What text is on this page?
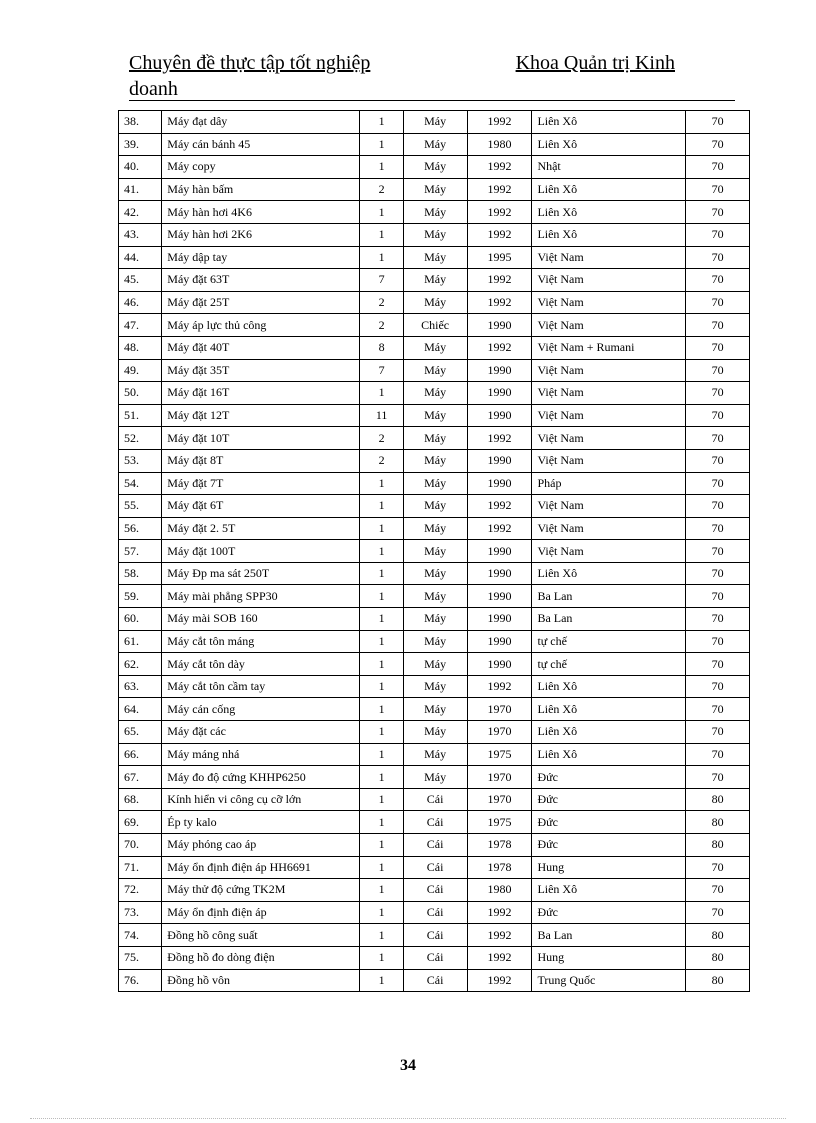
Chuyên đề thực tập tốt nghiệp	Khoa Quản trị Kinh
doanh
38.	Máy đạt dây	1	Máy	1992	Liên Xô	70
39.	Máy cán bánh 45	1	Máy	1980	Liên Xô	70
40.	Máy copy	1	Máy	1992	Nhật	70
41.	Máy hàn bấm	2	Máy	1992	Liên Xô	70
42.	Máy hàn hơi 4K6	1	Máy	1992	Liên Xô	70
43.	Máy hàn hơi 2K6	1	Máy	1992	Liên Xô	70
44.	Máy dập tay	1	Máy	1995	Việt Nam	70
45.	Máy đặt 63T	7	Máy	1992	Việt Nam	70
46.	Máy đặt 25T	2	Máy	1992	Việt Nam	70
47.	Máy áp lực thủ công	2	Chiếc	1990	Việt Nam	70
48.	Máy đặt 40T	8	Máy	1992	Việt Nam + Rumani	70
49.	Máy đặt 35T	7	Máy	1990	Việt Nam	70
50.	Máy đặt 16T	1	Máy	1990	Việt Nam	70
51.	Máy đặt 12T	11	Máy	1990	Việt Nam	70
52.	Máy đặt 10T	2	Máy	1992	Việt Nam	70
53.	Máy đặt 8T	2	Máy	1990	Việt Nam	70
54.	Máy đặt 7T	1	Máy	1990	Pháp	70
55.	Máy đặt 6T	1	Máy	1992	Việt Nam	70
56.	Máy đặt 2. 5T	1	Máy	1992	Việt Nam	70
57.	Máy đặt 100T	1	Máy	1990	Việt Nam	70
58.	Máy Đp ma sát 250T	1	Máy	1990	Liên Xô	70
59.	Máy mài phẳng SPP30	1	Máy	1990	Ba Lan	70
60.	Máy mài SOB 160	1	Máy	1990	Ba Lan	70
61.	Máy cắt tôn máng	1	Máy	1990	tự chế	70
62.	Máy cắt tôn dày	1	Máy	1990	tự chế	70
63.	Máy cắt tôn cầm tay	1	Máy	1992	Liên Xô	70
64.	Máy cán cống	1	Máy	1970	Liên Xô	70
65.	Máy đặt các	1	Máy	1970	Liên Xô	70
66.	Máy máng nhá	1	Máy	1975	Liên Xô	70
67.	Máy đo độ cứng KHHP6250	1	Máy	1970	Đức	70
68.	Kính hiển vi công cụ cỡ lớn	1	Cái	1970	Đức	80
69.	Ép ty kalo	1	Cái	1975	Đức	80
70.	Máy phóng cao áp	1	Cái	1978	Đức	80
71.	Máy ổn định điện áp HH6691	1	Cái	1978	Hung	70
72.	Máy thử độ cứng TK2M	1	Cái	1980	Liên Xô	70
73.	Máy ổn định điện áp	1	Cái	1992	Đức	70
74.	Đồng hồ công suất	1	Cái	1992	Ba Lan	80
75.	Đồng hồ đo dòng điện	1	Cái	1992	Hung	80
76.	Đồng hồ vôn	1	Cái	1992	Trung Quốc	80
34
